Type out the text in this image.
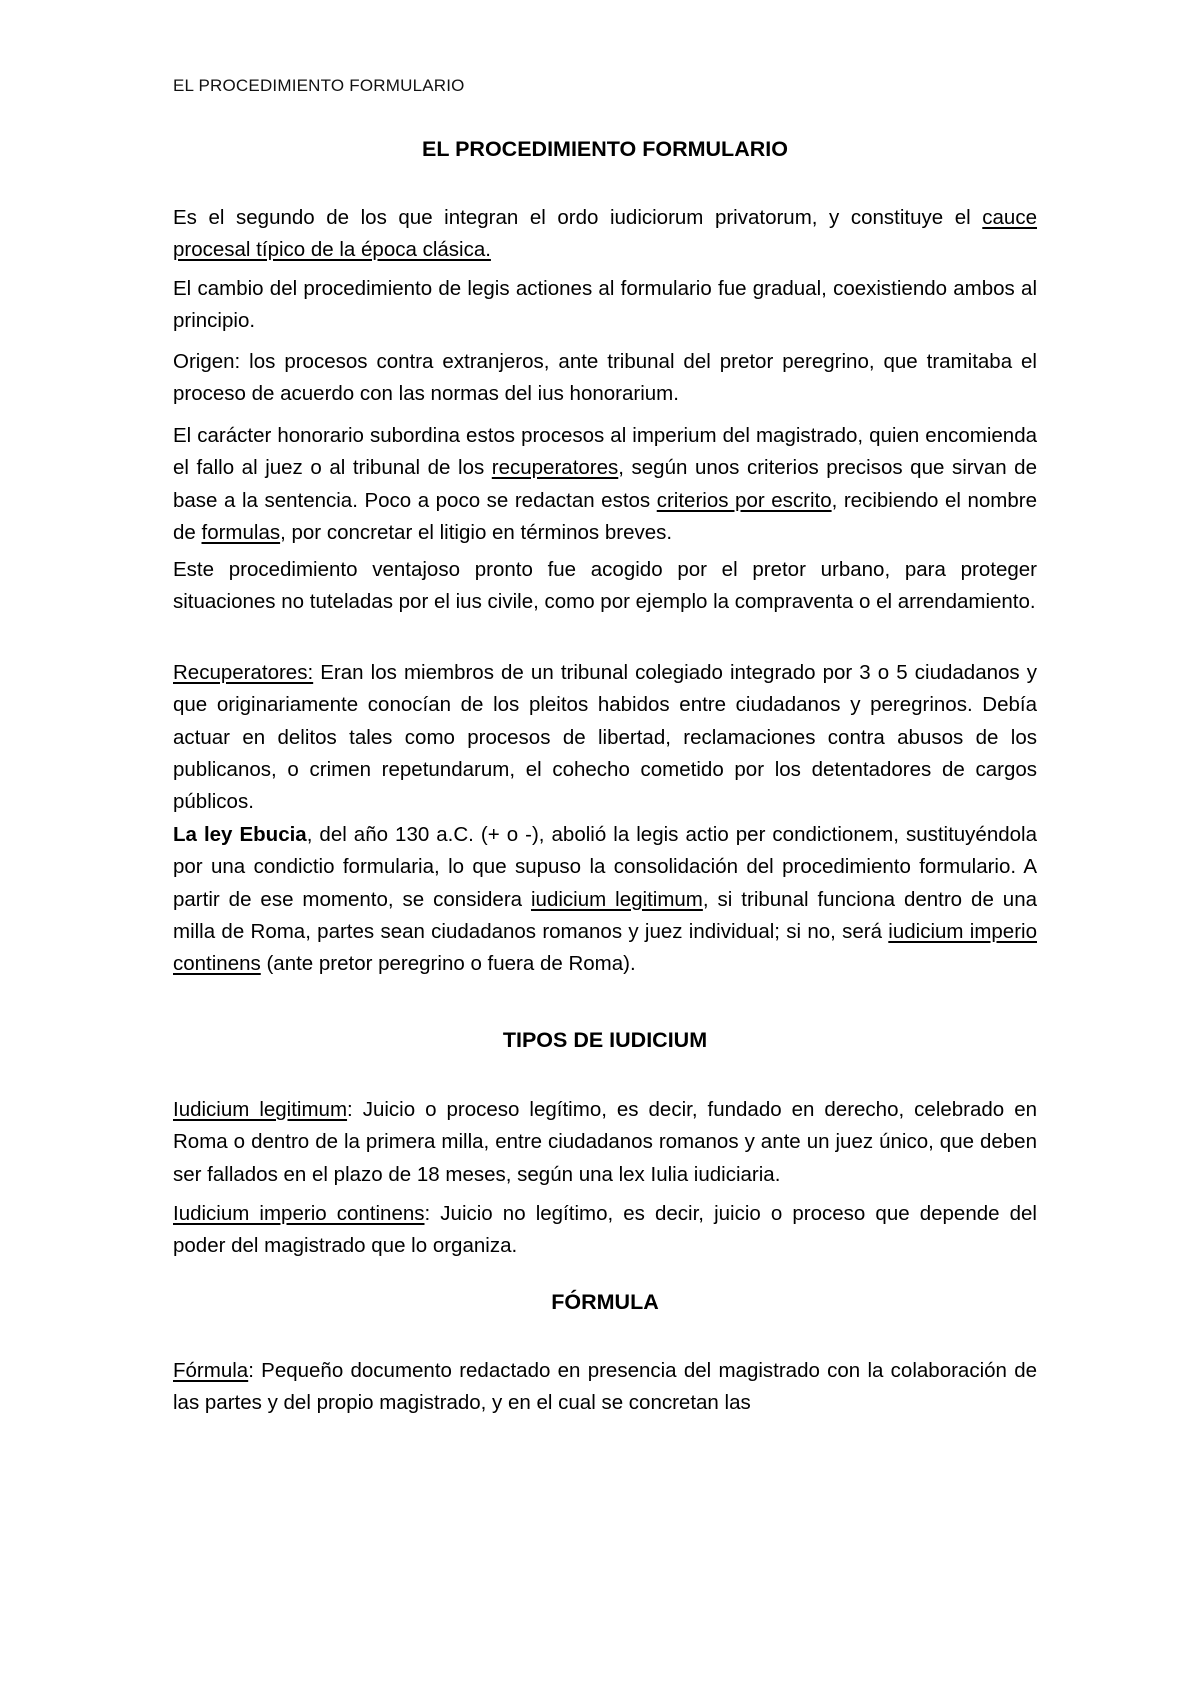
EL PROCEDIMIENTO FORMULARIO
EL PROCEDIMIENTO FORMULARIO

Es el segundo de los que integran el ordo iudiciorum privatorum, y constituye el cauce procesal típico de la época clásica.

El cambio del procedimiento de legis actiones al formulario fue gradual, coexistiendo ambos al principio.

Origen: los procesos contra extranjeros, ante tribunal del pretor peregrino, que tramitaba el proceso de acuerdo con las normas del ius honorarium.

El carácter honorario subordina estos procesos al imperium del magistrado, quien encomienda el fallo al juez o al tribunal de los recuperatores, según unos criterios precisos que sirvan de base a la sentencia. Poco a poco se redactan estos criterios por escrito, recibiendo el nombre de formulas, por concretar el litigio en términos breves.

Este procedimiento ventajoso pronto fue acogido por el pretor urbano, para proteger situaciones no tuteladas por el ius civile, como por ejemplo la compraventa o el arrendamiento.

Recuperatores: Eran los miembros de un tribunal colegiado integrado por 3 o 5 ciudadanos y que originariamente conocían de los pleitos habidos entre ciudadanos y peregrinos. Debía actuar en delitos tales como procesos de libertad, reclamaciones contra abusos de los publicanos, o crimen repetundarum, el cohecho cometido por los detentadores de cargos públicos.

La ley Ebucia, del año 130 a.C. (+ o -), abolió la legis actio per condictionem, sustituyéndola por una condictio formularia, lo que supuso la consolidación del procedimiento formulario. A partir de ese momento, se considera iudicium legitimum, si tribunal funciona dentro de una milla de Roma, partes sean ciudadanos romanos y juez individual; si no, será iudicium imperio continens (ante pretor peregrino o fuera de Roma).

TIPOS DE IUDICIUM

Iudicium legitimum: Juicio o proceso legítimo, es decir, fundado en derecho, celebrado en Roma o dentro de la primera milla, entre ciudadanos romanos y ante un juez único, que deben ser fallados en el plazo de 18 meses, según una lex Iulia iudiciaria.

Iudicium imperio continens: Juicio no legítimo, es decir, juicio o proceso que depende del poder del magistrado que lo organiza.

FÓRMULA

Fórmula: Pequeño documento redactado en presencia del magistrado con la colaboración de las partes y del propio magistrado, y en el cual se concretan las
